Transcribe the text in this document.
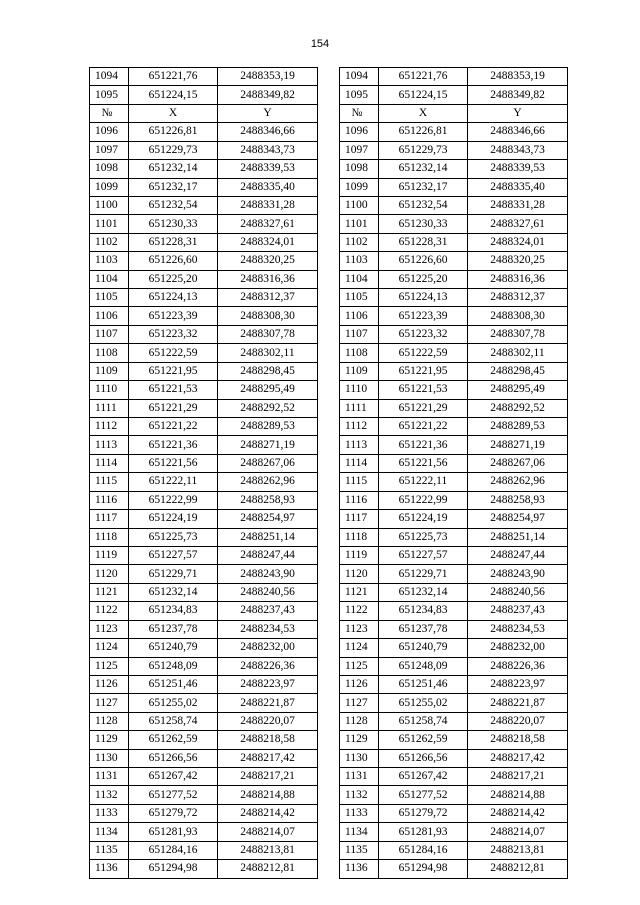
154
1094	651221,76	2488353,19		1094	651221,76	2488353,19
1095	651224,15	2488349,82		1095	651224,15	2488349,82
№	X	Y		№	X	Y
1096	651226,81	2488346,66		1096	651226,81	2488346,66
1097	651229,73	2488343,73		1097	651229,73	2488343,73
1098	651232,14	2488339,53		1098	651232,14	2488339,53
1099	651232,17	2488335,40		1099	651232,17	2488335,40
1100	651232,54	2488331,28		1100	651232,54	2488331,28
1101	651230,33	2488327,61		1101	651230,33	2488327,61
1102	651228,31	2488324,01		1102	651228,31	2488324,01
1103	651226,60	2488320,25		1103	651226,60	2488320,25
1104	651225,20	2488316,36		1104	651225,20	2488316,36
1105	651224,13	2488312,37		1105	651224,13	2488312,37
1106	651223,39	2488308,30		1106	651223,39	2488308,30
1107	651223,32	2488307,78		1107	651223,32	2488307,78
1108	651222,59	2488302,11		1108	651222,59	2488302,11
1109	651221,95	2488298,45		1109	651221,95	2488298,45
1110	651221,53	2488295,49		1110	651221,53	2488295,49
1111	651221,29	2488292,52		1111	651221,29	2488292,52
1112	651221,22	2488289,53		1112	651221,22	2488289,53
1113	651221,36	2488271,19		1113	651221,36	2488271,19
1114	651221,56	2488267,06		1114	651221,56	2488267,06
1115	651222,11	2488262,96		1115	651222,11	2488262,96
1116	651222,99	2488258,93		1116	651222,99	2488258,93
1117	651224,19	2488254,97		1117	651224,19	2488254,97
1118	651225,73	2488251,14		1118	651225,73	2488251,14
1119	651227,57	2488247,44		1119	651227,57	2488247,44
1120	651229,71	2488243,90		1120	651229,71	2488243,90
1121	651232,14	2488240,56		1121	651232,14	2488240,56
1122	651234,83	2488237,43		1122	651234,83	2488237,43
1123	651237,78	2488234,53		1123	651237,78	2488234,53
1124	651240,79	2488232,00		1124	651240,79	2488232,00
1125	651248,09	2488226,36		1125	651248,09	2488226,36
1126	651251,46	2488223,97		1126	651251,46	2488223,97
1127	651255,02	2488221,87		1127	651255,02	2488221,87
1128	651258,74	2488220,07		1128	651258,74	2488220,07
1129	651262,59	2488218,58		1129	651262,59	2488218,58
1130	651266,56	2488217,42		1130	651266,56	2488217,42
1131	651267,42	2488217,21		1131	651267,42	2488217,21
1132	651277,52	2488214,88		1132	651277,52	2488214,88
1133	651279,72	2488214,42		1133	651279,72	2488214,42
1134	651281,93	2488214,07		1134	651281,93	2488214,07
1135	651284,16	2488213,81		1135	651284,16	2488213,81
1136	651294,98	2488212,81		1136	651294,98	2488212,81
